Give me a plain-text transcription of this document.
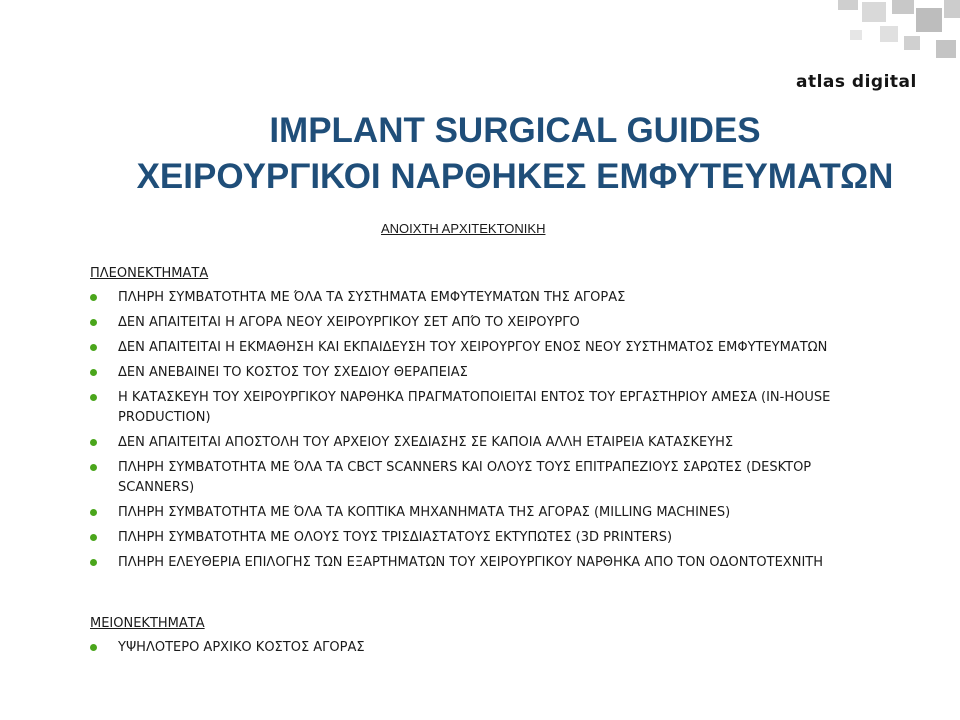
atlas digital
IMPLANT SURGICAL GUIDES
ΧΕΙΡΟΥΡΓΙΚΟΙ ΝΑΡΘΗΚΕΣ ΕΜΦΥΤΕΥΜΑΤΩΝ
ΑΝΟΙΧΤΗ ΑΡΧΙΤΕΚΤΟΝΙΚΗ
ΠΛΕΟΝΕΚΤΗΜΑΤΑ
ΠΛΗΡΗ ΣΥΜΒΑΤΟΤΗΤΑ ΜΕ ΌΛΑ ΤΑ ΣΥΣΤΗΜΑΤΑ ΕΜΦΥΤΕΥΜΑΤΩΝ ΤΗΣ ΑΓΟΡΑΣ
ΔΕΝ ΑΠΑΙΤΕΙΤΑΙ Η ΑΓΟΡΑ ΝΕΟΥ ΧΕΙΡΟΥΡΓΙΚΟΥ ΣΕΤ ΑΠΌ ΤΟ ΧΕΙΡΟΥΡΓΟ
ΔΕΝ ΑΠΑΙΤΕΙΤΑΙ Η ΕΚΜΑΘΗΣΗ ΚΑΙ ΕΚΠΑΙΔΕΥΣΗ ΤΟΥ ΧΕΙΡΟΥΡΓΟΥ ΕΝΟΣ ΝΕΟΥ ΣΥΣΤΗΜΑΤΟΣ ΕΜΦΥΤΕΥΜΑΤΩΝ
ΔΕΝ ΑΝΕΒΑΙΝΕΙ ΤΟ ΚΟΣΤΟΣ ΤΟΥ ΣΧΕΔΙΟΥ ΘΕΡΑΠΕΙΑΣ
Η ΚΑΤΑΣΚΕΥΗ ΤΟΥ ΧΕΙΡΟΥΡΓΙΚΟΥ ΝΑΡΘΗΚΑ ΠΡΑΓΜΑΤΟΠΟΙΕΙΤΑΙ ΕΝΤΟΣ ΤΟΥ ΕΡΓΑΣΤΗΡΙΟΥ ΑΜΕΣΑ (IN-HOUSE PRODUCTION)
ΔΕΝ ΑΠΑΙΤΕΙΤΑΙ ΑΠΟΣΤΟΛΗ ΤΟΥ ΑΡΧΕΙΟΥ ΣΧΕΔΙΑΣΗΣ ΣΕ ΚΑΠΟΙΑ ΑΛΛΗ ΕΤΑΙΡΕΙΑ ΚΑΤΑΣΚΕΥΗΣ
ΠΛΗΡΗ ΣΥΜΒΑΤΟΤΗΤΑ ΜΕ ΌΛΑ ΤΑ CBCT SCANNERS ΚΑΙ ΟΛΟΥΣ ΤΟΥΣ ΕΠΙΤΡΑΠΕΖΙΟΥΣ ΣΑΡΩΤΕΣ (DESKTOP SCANNERS)
ΠΛΗΡΗ ΣΥΜΒΑΤΟΤΗΤΑ ΜΕ ΌΛΑ ΤΑ ΚΟΠΤΙΚΑ ΜΗΧΑΝΗΜΑΤΑ ΤΗΣ ΑΓΟΡΑΣ (MILLING MACHINES)
ΠΛΗΡΗ ΣΥΜΒΑΤΟΤΗΤΑ ΜΕ ΟΛΟΥΣ ΤΟΥΣ ΤΡΙΣΔΙΑΣΤΑΤΟΥΣ ΕΚΤΥΠΩΤΕΣ (3D PRINTERS)
ΠΛΗΡΗ ΕΛΕΥΘΕΡΙΑ ΕΠΙΛΟΓΗΣ ΤΩΝ ΕΞΑΡΤΗΜΑΤΩΝ ΤΟΥ ΧΕΙΡΟΥΡΓΙΚΟΥ ΝΑΡΘΗΚΑ ΑΠΟ ΤΟΝ ΟΔΟΝΤΟΤΕΧΝΙΤΗ
ΜΕΙΟΝΕΚΤΗΜΑΤΑ
ΥΨΗΛΟΤΕΡΟ ΑΡΧΙΚΟ ΚΟΣΤΟΣ ΑΓΟΡΑΣ
